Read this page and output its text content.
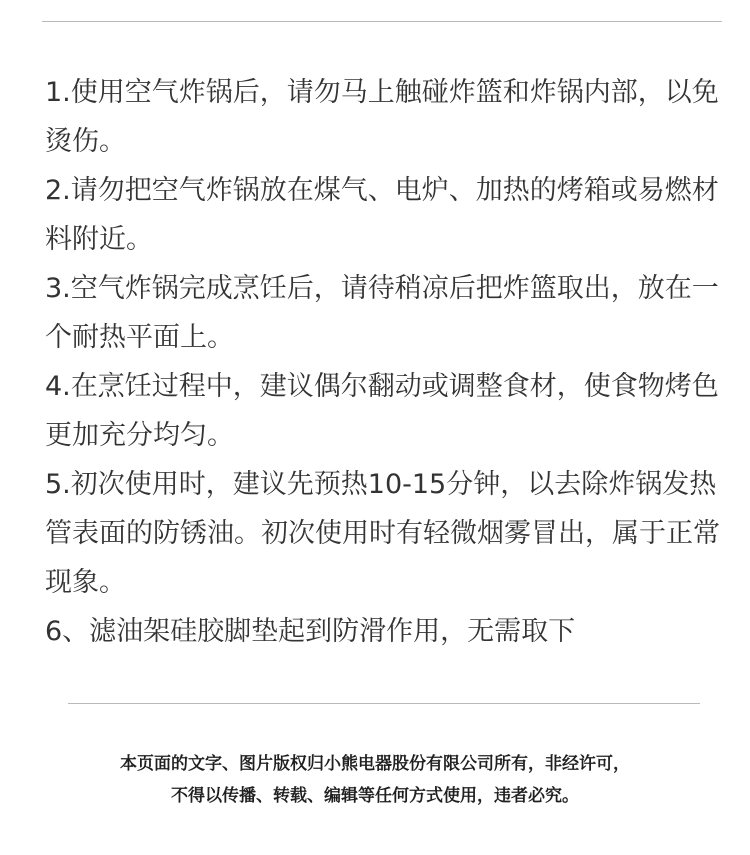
1.使用空气炸锅后，请勿马上触碰炸篮和炸锅内部，以免烫伤。
2.请勿把空气炸锅放在煤气、电炉、加热的烤箱或易燃材料附近。
3.空气炸锅完成烹饪后，请待稍凉后把炸篮取出，放在一个耐热平面上。
4.在烹饪过程中，建议偶尔翻动或调整食材，使食物烤色更加充分均匀。
5.初次使用时，建议先预热10-15分钟，以去除炸锅发热管表面的防锈油。初次使用时有轻微烟雾冒出，属于正常现象。
6、滤油架硅胶脚垫起到防滑作用，无需取下
本页面的文字、图片版权归小熊电器股份有限公司所有，非经许可，
不得以传播、转载、编辑等任何方式使用，违者必究。
